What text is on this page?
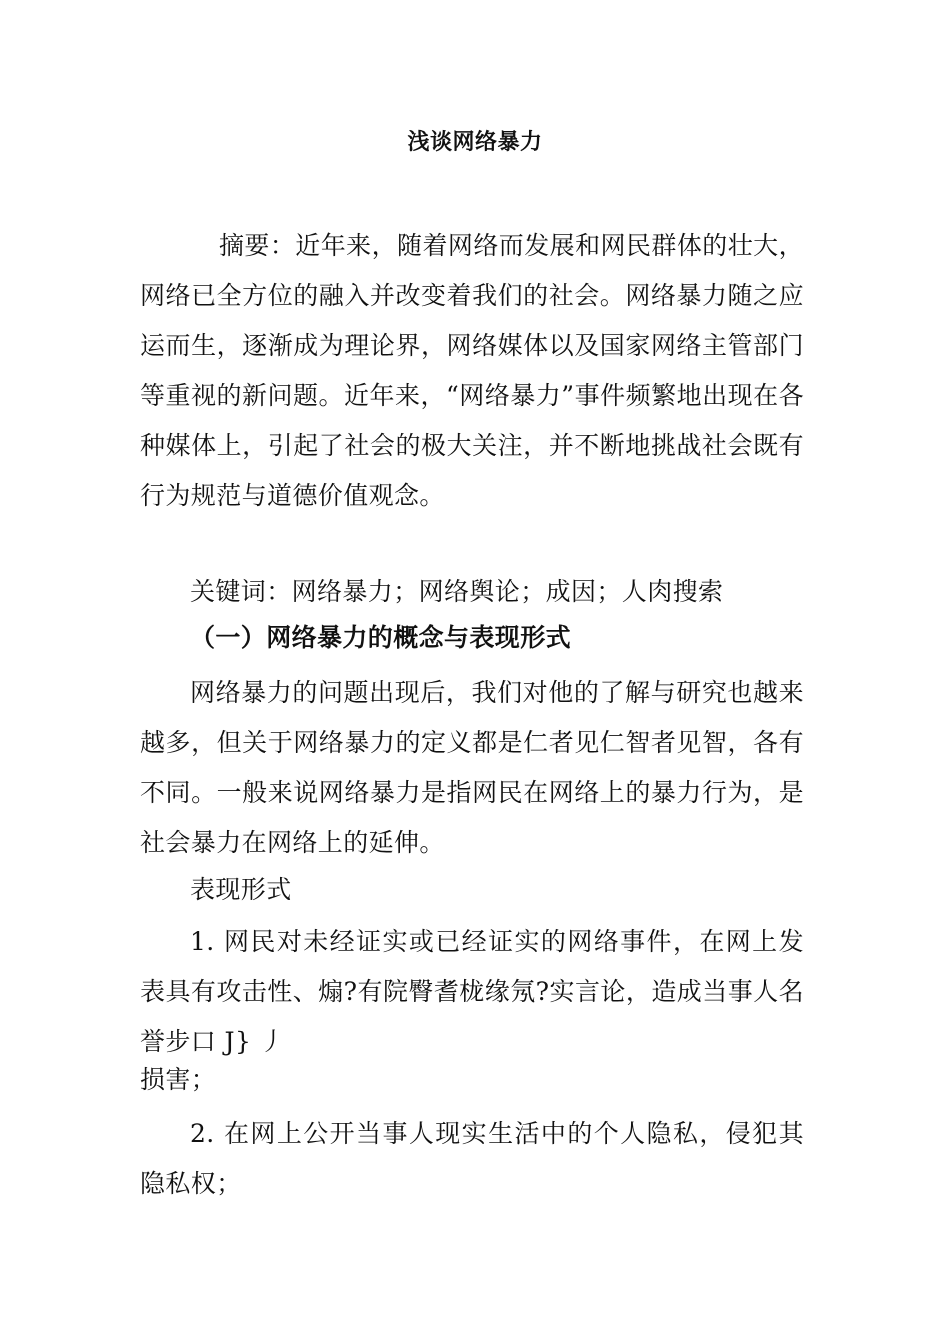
浅谈网络暴力

摘要：近年来，随着网络而发展和网民群体的壮大，网络已全方位的融入并改变着我们的社会。网络暴力随之应运而生，逐渐成为理论界，网络媒体以及国家网络主管部门等重视的新问题。近年来，“网络暴力”事件频繁地出现在各种媒体上，引起了社会的极大关注，并不断地挑战社会既有行为规范与道德价值观念。

关键词：网络暴力；网络舆论；成因；人肉搜索

（一）网络暴力的概念与表现形式

网络暴力的问题出现后，我们对他的了解与研究也越来越多，但关于网络暴力的定义都是仁者见仁智者见智，各有不同。一般来说网络暴力是指网民在网络上的暴力行为，是社会暴力在网络上的延伸。

表现形式

1. 网民对未经证实或已经证实的网络事件，在网上发表具有攻击性、煽?有院臀耆栊缘氖?实言论，造成当事人名誉步口 J} 丿

损害；

2. 在网上公开当事人现实生活中的个人隐私，侵犯其隐私权；
